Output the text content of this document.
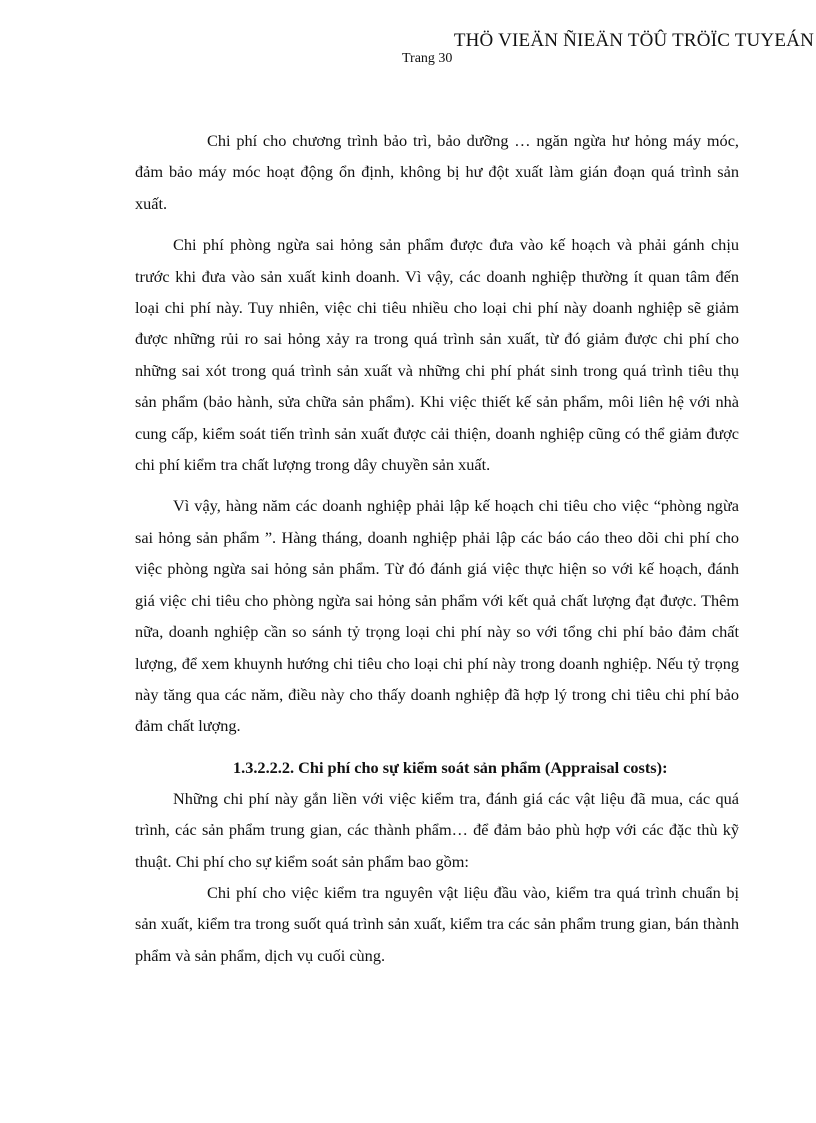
THÖ VIEÄN ÑIEÄN TÖÛ TRÖÏC TUYEÁN
Trang 30

Chi phí cho chương trình bảo trì, bảo dưỡng … ngăn ngừa hư hỏng máy móc, đảm bảo máy móc hoạt động ổn định, không bị hư đột xuất làm gián đoạn quá trình sản xuất.

Chi phí phòng ngừa sai hỏng sản phẩm được đưa vào kế hoạch và phải gánh chịu trước khi đưa vào sản xuất kinh doanh. Vì vậy, các doanh nghiệp thường ít quan tâm đến loại chi phí này. Tuy nhiên, việc chi tiêu nhiều cho loại chi phí này doanh nghiệp sẽ giảm được những rủi ro sai hỏng xảy ra trong quá trình sản xuất, từ đó giảm được chi phí cho những sai xót trong quá trình sản xuất và những chi phí phát sinh trong quá trình tiêu thụ sản phẩm (bảo hành, sửa chữa sản phẩm). Khi việc thiết kế sản phẩm, môi liên hệ với nhà cung cấp, kiểm soát tiến trình sản xuất được cải thiện, doanh nghiệp cũng có thể giảm được chi phí kiểm tra chất lượng trong dây chuyền sản xuất.

Vì vậy, hàng năm các doanh nghiệp phải lập kế hoạch chi tiêu cho việc “phòng ngừa sai hỏng sản phẩm ”. Hàng tháng, doanh nghiệp phải lập các báo cáo theo dõi chi phí cho việc phòng ngừa sai hỏng sản phẩm. Từ đó đánh giá việc thực hiện so với kế hoạch, đánh giá việc chi tiêu cho phòng ngừa sai hỏng sản phẩm với kết quả chất lượng đạt được. Thêm nữa, doanh nghiệp cần so sánh tỷ trọng loại chi phí này so với tổng chi phí bảo đảm chất lượng, để xem khuynh hướng chi tiêu cho loại chi phí này trong doanh nghiệp. Nếu tỷ trọng này tăng qua các năm, điều này cho thấy doanh nghiệp đã hợp lý trong chi tiêu chi phí bảo đảm chất lượng.

1.3.2.2.2. Chi phí cho sự kiểm soát sản phẩm (Appraisal costs):

Những chi phí này gắn liền với việc kiểm tra, đánh giá các vật liệu đã mua, các quá trình, các sản phẩm trung gian, các thành phẩm… để đảm bảo phù hợp với các đặc thù kỹ thuật. Chi phí cho sự kiểm soát sản phẩm bao gồm:

Chi phí cho việc kiểm tra nguyên vật liệu đầu vào, kiểm tra quá trình chuẩn bị sản xuất, kiểm tra trong suốt quá trình sản xuất, kiểm tra các sản phẩm trung gian, bán thành phẩm và sản phẩm, dịch vụ cuối cùng.
